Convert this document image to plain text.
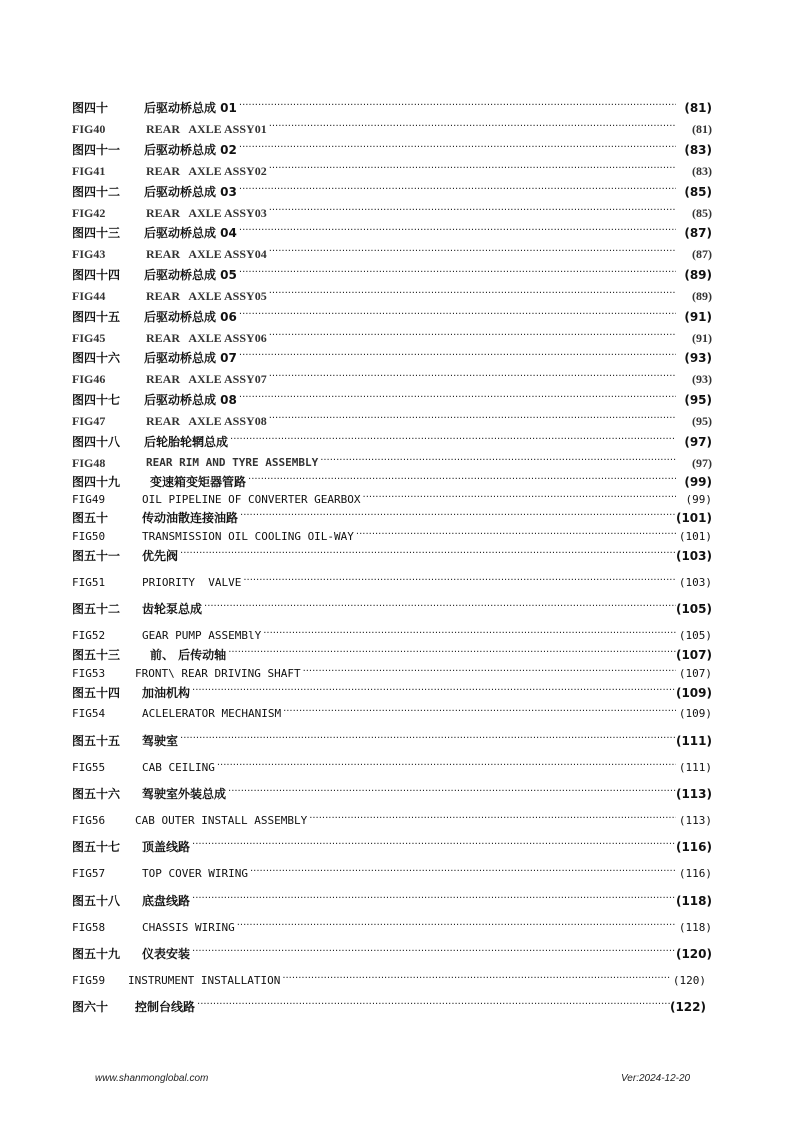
图四十	后驱动桥总成 01 ·····	(81)
FIG40	REAR   AXLE ASSY01 ·····	(81)
图四十一	后驱动桥总成 02 ·····	(83)
FIG41	REAR   AXLE ASSY02 ·····	(83)
图四十二	后驱动桥总成 03 ·····	(85)
FIG42	REAR   AXLE ASSY03 ·····	(85)
图四十三	后驱动桥总成 04 ·····	(87)
FIG43	REAR   AXLE ASSY04 ·····	(87)
图四十四	后驱动桥总成 05 ·····	(89)
FIG44	REAR   AXLE ASSY05 ·····	(89)
图四十五	后驱动桥总成 06 ·····	(91)
FIG45	REAR   AXLE ASSY06 ·····	(91)
图四十六	后驱动桥总成 07 ·····	(93)
FIG46	REAR   AXLE ASSY07 ·····	(93)
图四十七	后驱动桥总成 08 ·····	(95)
FIG47	REAR   AXLE ASSY08 ·····	(95)
图四十八	后轮胎轮辋总成 ·····	(97)
FIG48	REAR RIM AND TYRE ASSEMBLY ·····	(97)
图四十九	变速箱变矩器管路 ·····	(99)
FIG49	OIL PIPELINE OF CONVERTER GEARBOX ·····	(99)
图五十	传动油散连接油路 ·····	(101)
FIG50	TRANSMISSION OIL COOLING OIL-WAY ·····	(101)
图五十一	优先阀 ·····	(103)
FIG51	PRIORITY  VALVE ·····	(103)
图五十二	齿轮泵总成 ·····	(105)
FIG52	GEAR PUMP ASSEMBlY ·····	(105)
图五十三	前、 后传动轴 ·····	(107)
FIG53	FRONT\ REAR DRIVING SHAFT ·····	(107)
图五十四	加油机构 ·····	(109)
FIG54	ACLELERATOR MECHANISM ·····	(109)
图五十五	驾驶室 ·····	(111)
FIG55	CAB CEILING ·····	(111)
图五十六	驾驶室外装总成 ·····	(113)
FIG56	CAB OUTER INSTALL ASSEMBLY ·····	(113)
图五十七	顶盖线路 ·····	(116)
FIG57	TOP COVER WIRING ·····	(116)
图五十八	底盘线路 ·····	(118)
FIG58	CHASSIS WIRING ·····	(118)
图五十九	仪表安装 ·····	(120)
FIG59	INSTRUMENT INSTALLATION ·····	(120)
图六十	控制台线路 ·····	(122)
www.shanmonglobal.com	Ver:2024-12-20
